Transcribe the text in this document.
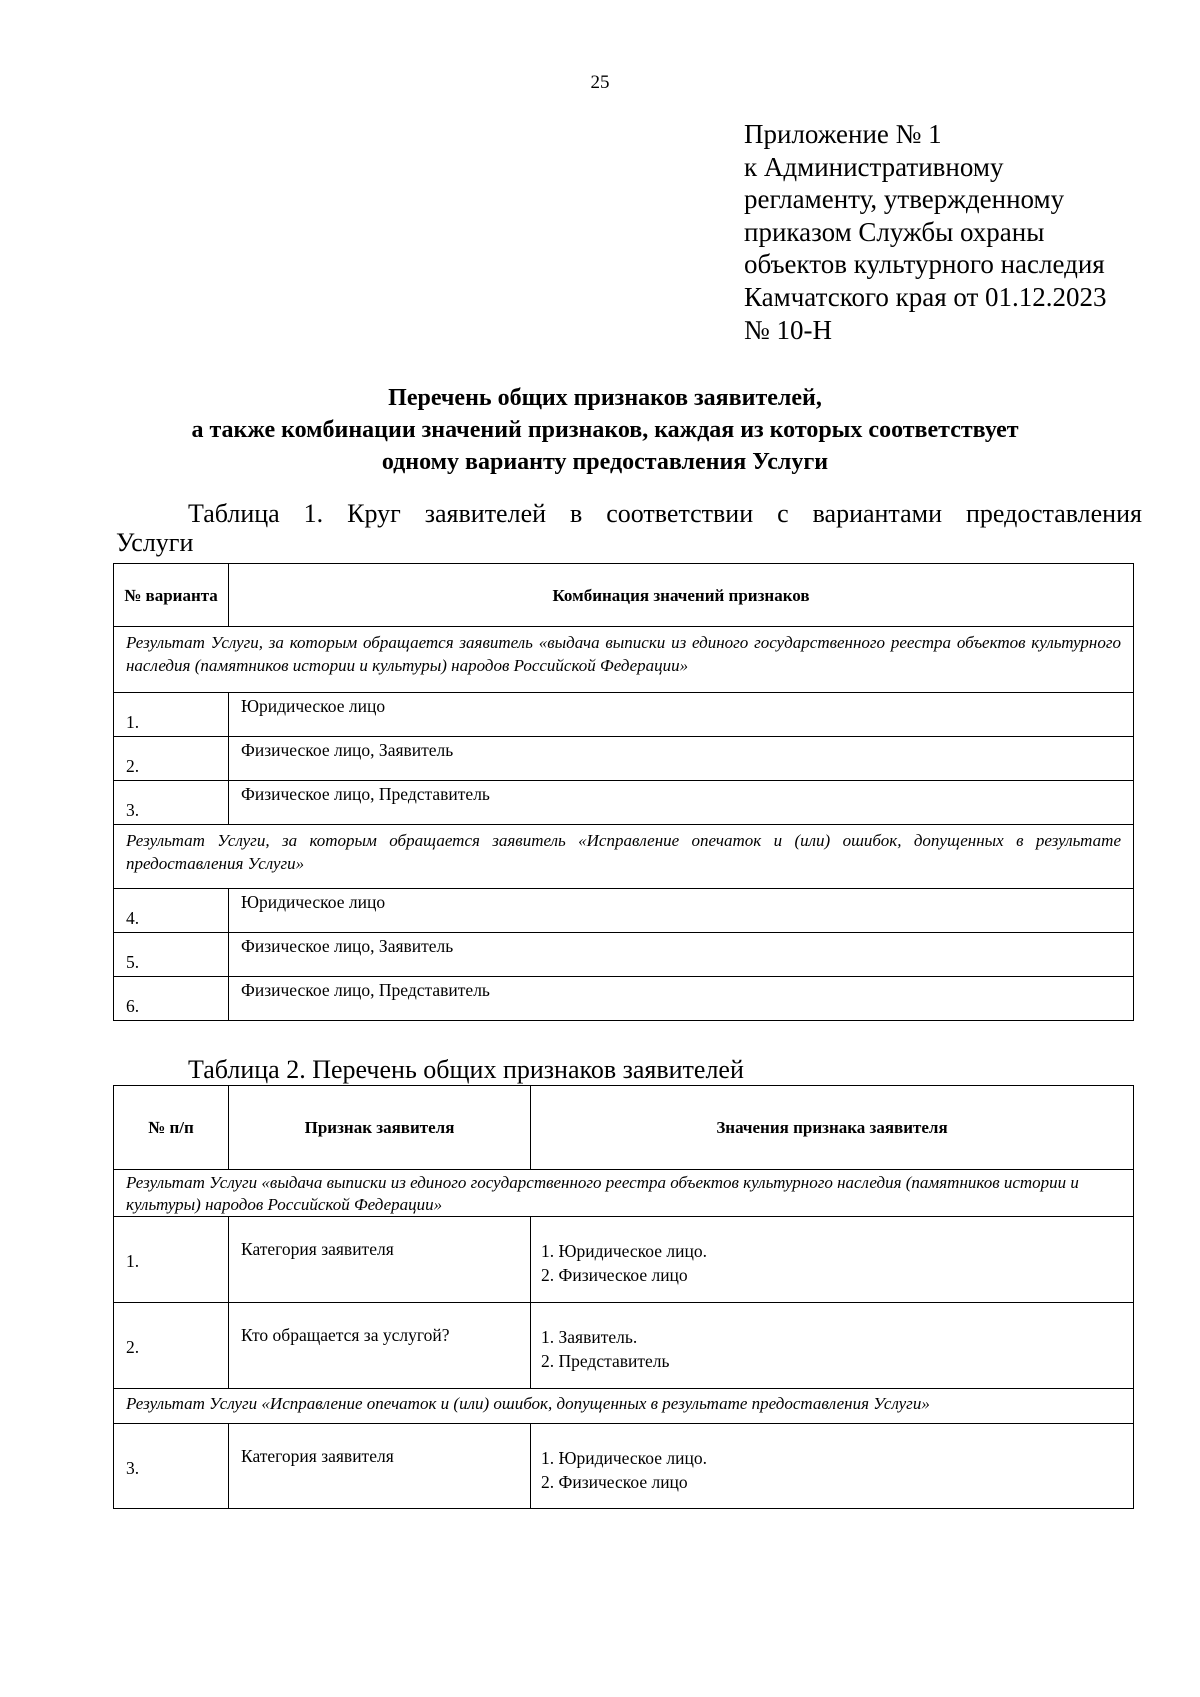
25
Приложение № 1
к Административному
регламенту, утвержденному
приказом Службы охраны
объектов культурного наследия
Камчатского края от 01.12.2023
№ 10-Н
Перечень общих признаков заявителей,
а также комбинации значений признаков, каждая из которых соответствует
одному варианту предоставления Услуги
Таблица 1. Круг заявителей в соответствии с вариантами предоставления
Услуги
№ варианта	Комбинация значений признаков
Результат Услуги, за которым обращается заявитель «выдача выписки из единого государственного реестра объектов культурного наследия (памятников истории и культуры) народов Российской Федерации»	
1.	Юридическое лицо
2.	Физическое лицо, Заявитель
3.	Физическое лицо, Представитель
Результат Услуги, за которым обращается заявитель «Исправление опечаток и (или) ошибок, допущенных в результате предоставления Услуги»	
4.	Юридическое лицо
5.	Физическое лицо, Заявитель
6.	Физическое лицо, Представитель
Таблица 2. Перечень общих признаков заявителей
№ п/п	Признак заявителя	Значения признака заявителя
Результат Услуги «выдача выписки из единого государственного реестра объектов культурного наследия (памятников истории и культуры) народов Российской Федерации»		
1.	Категория заявителя	1. Юридическое лицо.
2. Физическое лицо

2.	Кто обращается за услугой?	1. Заявитель.
2. Представитель

Результат Услуги «Исправление опечаток и (или) ошибок, допущенных в результате предоставления Услуги»		
3.	Категория заявителя	1. Юридическое лицо.
2. Физическое лицо
